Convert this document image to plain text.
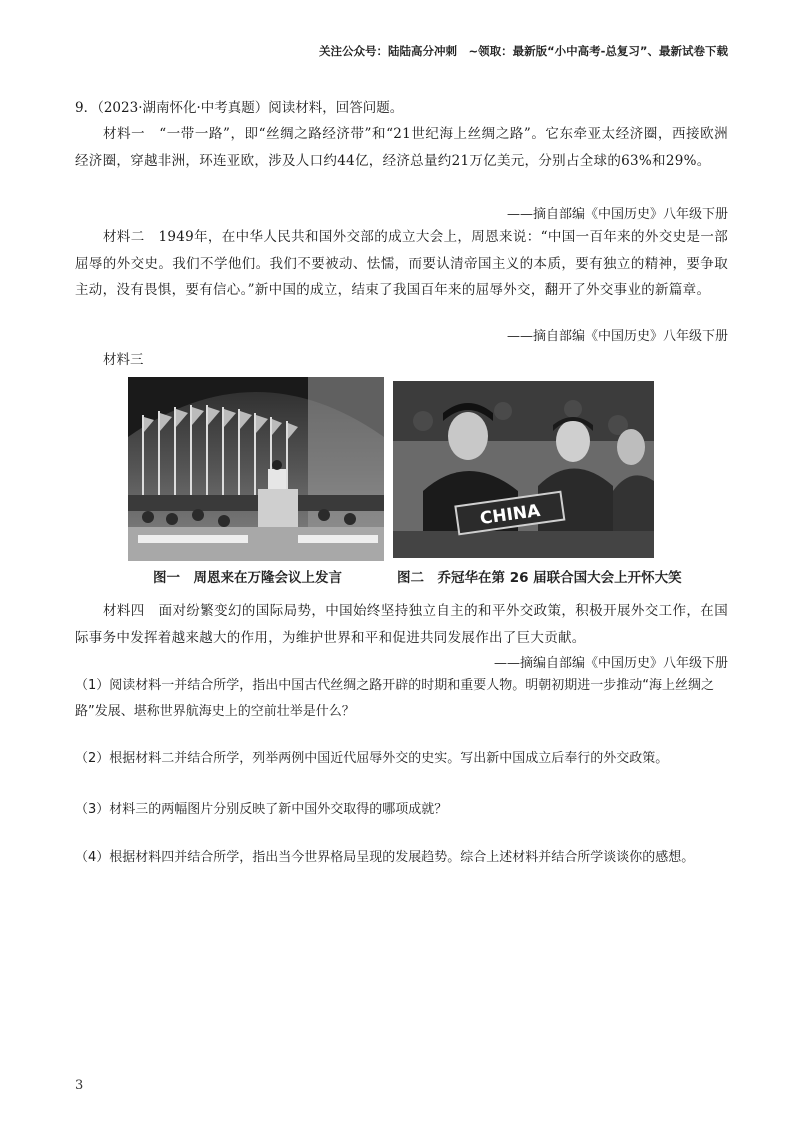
关注公众号：陆陆高分冲刺　~领取：最新版“小中高考-总复习”、最新试卷下载
9．（2023·湖南怀化·中考真题）阅读材料，回答问题。
材料一　“一带一路”，即“丝绸之路经济带”和“21世纪海上丝绸之路”。它东牵亚太经济圈，西接欧洲经济圈，穿越非洲，环连亚欧，涉及人口约44亿，经济总量约21万亿美元，分别占全球的63%和29%。
——摘自部编《中国历史》八年级下册
材料二　1949年，在中华人民共和国外交部的成立大会上，周恩来说：“中国一百年来的外交史是一部屈辱的外交史。我们不学他们。我们不要被动、怯懦，而要认清帝国主义的本质，要有独立的精神，要争取主动，没有畏惧，要有信心。”新中国的成立，结束了我国百年来的屈辱外交，翻开了外交事业的新篇章。
——摘自部编《中国历史》八年级下册
材料三
CHINA
图一　周恩来在万隆会议上发言	图二　乔冠华在第 26 届联合国大会上开怀大笑
材料四　面对纷繁变幻的国际局势，中国始终坚持独立自主的和平外交政策，积极开展外交工作，在国际事务中发挥着越来越大的作用，为维护世界和平和促进共同发展作出了巨大贡献。
——摘编自部编《中国历史》八年级下册
（1）阅读材料一并结合所学，指出中国古代丝绸之路开辟的时期和重要人物。明朝初期进一步推动“海上丝绸之路”发展、堪称世界航海史上的空前壮举是什么？
（2）根据材料二并结合所学，列举两例中国近代屈辱外交的史实。写出新中国成立后奉行的外交政策。
（3）材料三的两幅图片分别反映了新中国外交取得的哪项成就？
（4）根据材料四并结合所学，指出当今世界格局呈现的发展趋势。综合上述材料并结合所学谈谈你的感想。
3
